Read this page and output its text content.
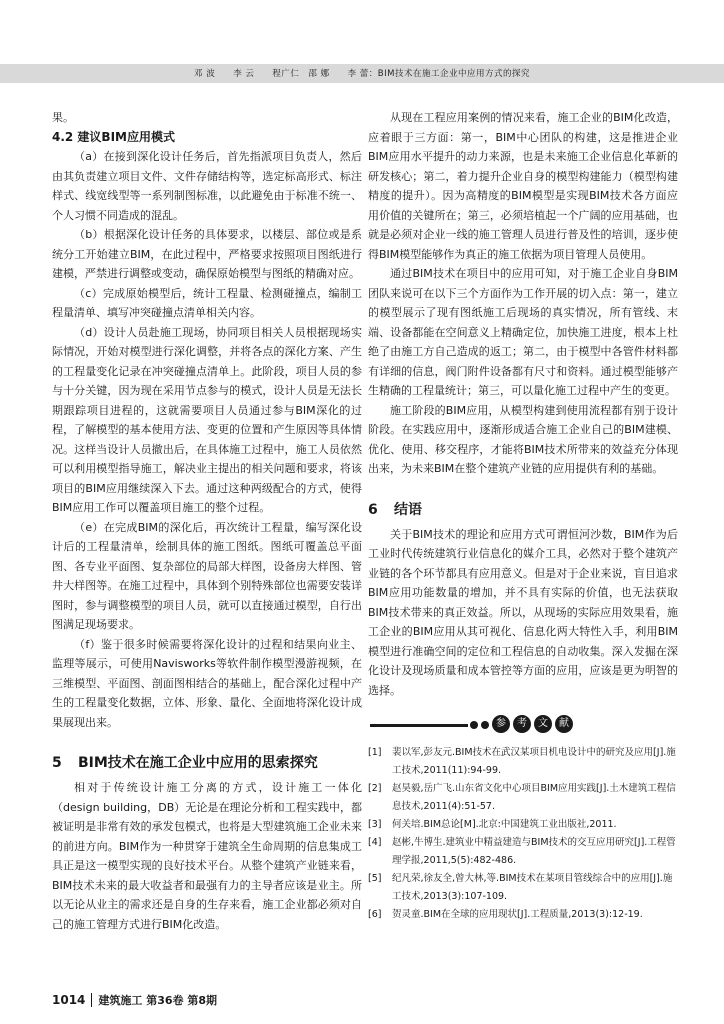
邓 波　　李 云　　程广仁　邵 娜　　李 蕾：BIM技术在施工企业中应用方式的探究

果。

4.2 建议BIM应用模式

（a）在接到深化设计任务后，首先指派项目负责人，然后由其负责建立项目文件、文件存储结构等，选定标高形式、标注样式、线宽线型等一系列制图标准，以此避免由于标准不统一、个人习惯不同造成的混乱。

（b）根据深化设计任务的具体要求，以楼层、部位或是系统分工开始建立BIM，在此过程中，严格要求按照项目图纸进行建模，严禁进行调整或变动，确保原始模型与图纸的精确对应。

（c）完成原始模型后，统计工程量、检测碰撞点，编制工程量清单、填写冲突碰撞点清单相关内容。

（d）设计人员赴施工现场，协同项目相关人员根据现场实际情况，开始对模型进行深化调整，并将各点的深化方案、产生的工程量变化记录在冲突碰撞点清单上。此阶段，项目人员的参与十分关键，因为现在采用节点参与的模式，设计人员是无法长期跟踪项目进程的，这就需要项目人员通过参与BIM深化的过程，了解模型的基本使用方法、变更的位置和产生原因等具体情况。这样当设计人员撤出后，在具体施工过程中，施工人员依然可以利用模型指导施工，解决业主提出的相关问题和要求，将该项目的BIM应用继续深入下去。通过这种两级配合的方式，使得BIM应用工作可以覆盖项目施工的整个过程。

（e）在完成BIM的深化后，再次统计工程量，编写深化设计后的工程量清单，绘制具体的施工图纸。图纸可覆盖总平面图、各专业平面图、复杂部位的局部大样图，设备房大样图、管井大样图等。在施工过程中，具体到个别特殊部位也需要安装详图时，参与调整模型的项目人员，就可以直接通过模型，自行出图满足现场要求。

（f）鉴于很多时候需要将深化设计的过程和结果向业主、监理等展示，可使用Navisworks等软件制作模型漫游视频，在三维模型、平面图、剖面图相结合的基础上，配合深化过程中产生的工程量变化数据，立体、形象、量化、全面地将深化设计成果展现出来。

5 BIM技术在施工企业中应用的思索探究

相对于传统设计施工分离的方式，设计施工一体化（design building，DB）无论是在理论分析和工程实践中，都被证明是非常有效的承发包模式，也将是大型建筑施工企业未来的前进方向。BIM作为一种贯穿于建筑全生命周期的信息集成工具正是这一模型实现的良好技术平台。从整个建筑产业链来看，BIM技术未来的最大收益者和最强有力的主导者应该是业主。所以无论从业主的需求还是自身的生存来看，施工企业都必须对自己的施工管理方式进行BIM化改造。

从现在工程应用案例的情况来看，施工企业的BIM化改造，应着眼于三方面：第一，BIM中心团队的构建，这是推进企业BIM应用水平提升的动力来源，也是未来施工企业信息化革新的研发核心；第二，着力提升企业自身的模型构建能力（模型构建精度的提升）。因为高精度的BIM模型是实现BIM技术各方面应用价值的关键所在；第三，必须培植起一个广阔的应用基础，也就是必须对企业一线的施工管理人员进行普及性的培训，逐步使得BIM模型能够作为真正的施工依据为项目管理人员使用。

通过BIM技术在项目中的应用可知，对于施工企业自身BIM团队来说可在以下三个方面作为工作开展的切入点：第一，建立的模型展示了现有图纸施工后现场的真实情况，所有管线、末端、设备都能在空间意义上精确定位，加快施工进度，根本上杜绝了由施工方自己造成的返工；第二，由于模型中各管件材料都有详细的信息，阀门附件设备都有尺寸和资料。通过模型能够产生精确的工程量统计；第三，可以量化施工过程中产生的变更。

施工阶段的BIM应用，从模型构建到使用流程都有别于设计阶段。在实践应用中，逐渐形成适合施工企业自己的BIM建模、优化、使用、移交程序，才能将BIM技术所带来的效益充分体现出来，为未来BIM在整个建筑产业链的应用提供有利的基础。

6 结语

关于BIM技术的理论和应用方式可谓恒河沙数，BIM作为后工业时代传统建筑行业信息化的媒介工具，必然对于整个建筑产业链的各个环节都具有应用意义。但是对于企业来说，盲目追求BIM应用功能数量的增加，并不具有实际的价值，也无法获取BIM技术带来的真正效益。所以，从现场的实际应用效果看，施工企业的BIM应用从其可视化、信息化两大特性入手，利用BIM模型进行准确空间的定位和工程信息的自动收集。深入发掘在深化设计及现场质量和成本管控等方面的应用，应该是更为明智的选择。

参	考	文	献
[1]	裴以军,彭友元.BIM技术在武汉某项目机电设计中的研究及应用[J].施工技术,2011(11):94-99.
[2]	赵昊毅,岳广飞.山东省文化中心项目BIM应用实践[J].土木建筑工程信息技术,2011(4):51-57.
[3]	何关培.BIM总论[M].北京:中国建筑工业出版社,2011.
[4]	赵彬,牛博生.建筑业中精益建造与BIM技术的交互应用研究[J].工程管理学报,2011,5(5):482-486.
[5]	纪凡荣,徐友全,曾大林,等.BIM技术在某项目管线综合中的应用[J].施工技术,2013(3):107-109.
[6]	贺灵童.BIM在全球的应用现状[J].工程质量,2013(3):12-19.
1014 建筑施工 第36卷 第8期
